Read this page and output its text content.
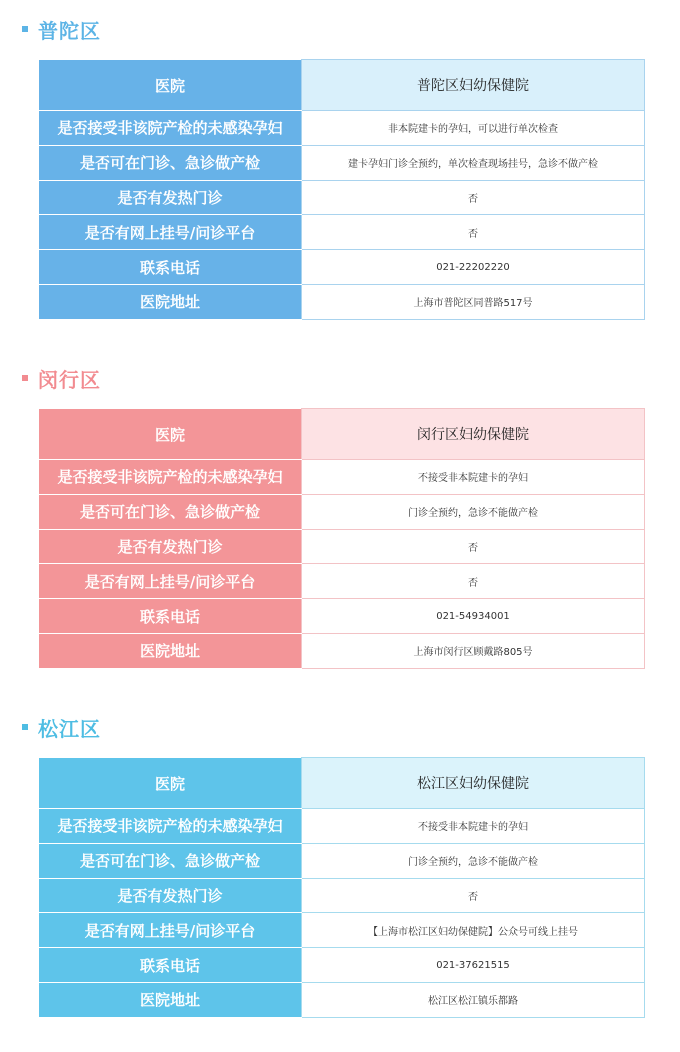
普陀区
医院	普陀区妇幼保健院
是否接受非该院产检的未感染孕妇	非本院建卡的孕妇，可以进行单次检查
是否可在门诊、急诊做产检	建卡孕妇门诊全预约，单次检查现场挂号，急诊不做产检
是否有发热门诊	否
是否有网上挂号/问诊平台	否
联系电话	021-22202220
医院地址	上海市普陀区同普路517号
闵行区
医院	闵行区妇幼保健院
是否接受非该院产检的未感染孕妇	不接受非本院建卡的孕妇
是否可在门诊、急诊做产检	门诊全预约，急诊不能做产检
是否有发热门诊	否
是否有网上挂号/问诊平台	否
联系电话	021-54934001
医院地址	上海市闵行区顾戴路805号
松江区
医院	松江区妇幼保健院
是否接受非该院产检的未感染孕妇	不接受非本院建卡的孕妇
是否可在门诊、急诊做产检	门诊全预约，急诊不能做产检
是否有发热门诊	否
是否有网上挂号/问诊平台	【上海市松江区妇幼保健院】公众号可线上挂号
联系电话	021-37621515
医院地址	松江区松江镇乐都路
